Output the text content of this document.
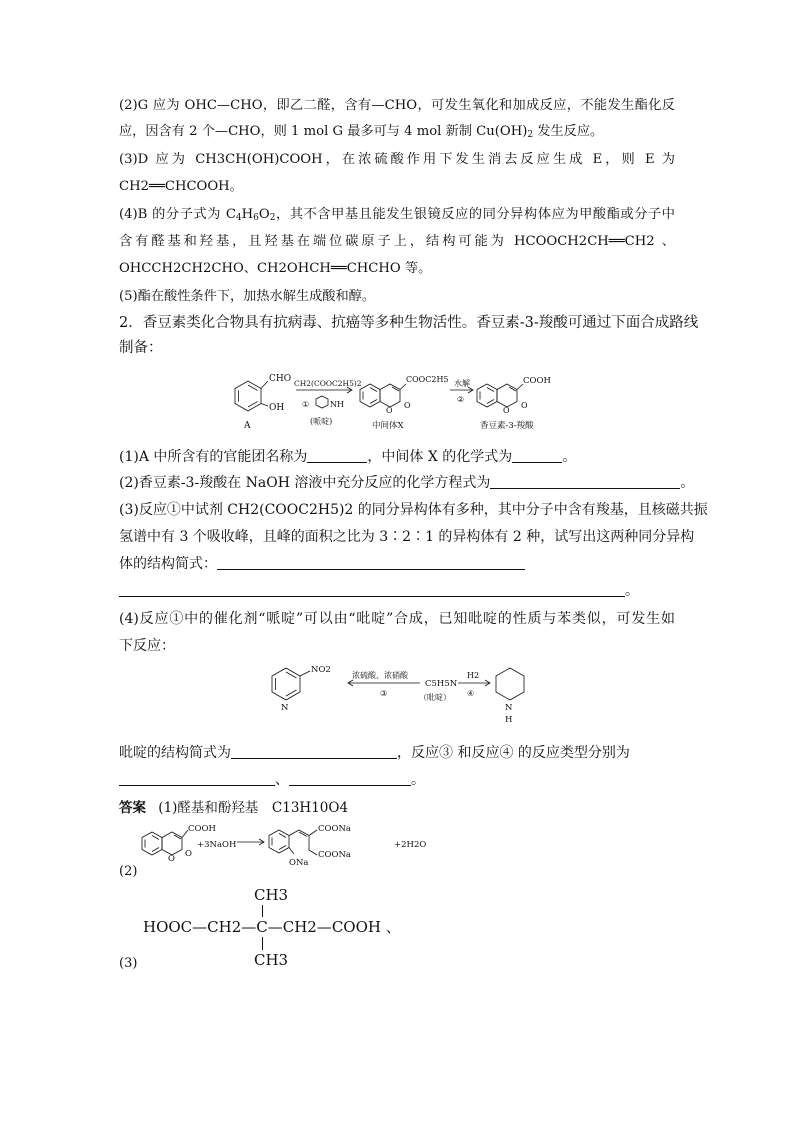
(2)G 应为 OHC—CHO，即乙二醛，含有—CHO，可发生氧化和加成反应，不能发生酯化反
应，因含有 2 个—CHO，则 1 mol G 最多可与 4 mol 新制 $Cu(OH)_2$ 发生反应。
(3)D 应为 CH3CH(OH)COOH，在浓硫酸作用下发生消去反应生成 E，则 E 为
CH2══CHCOOH。
(4)B 的分子式为 $C_4H_6O_2$，其不含甲基且能发生银镜反应的同分异构体应为甲酸酯或分子中
含有醛基和羟基，且羟基在端位碳原子上，结构可能为 HCOOCH2CH══CH2 、
OHCCH2CH2CHO、CH2OHCH══CHCHO 等。
(5)酯在酸性条件下，加热水解生成酸和醇。
2．香豆素类化合物具有抗病毒、抗癌等多种生物活性。香豆素-3-羧酸可通过下面合成路线
制备：
CHO
OH
A
CH2(COOC2H5)2
①	NH
(哌啶)
COOC2H5
O
O
中间体X
水解
②
COOH
O
O
香豆素-3-羧酸
(1)A 中所含有的官能团名称为	，中间体 X 的化学式为	。
(2)香豆素-3-羧酸在 NaOH 溶液中充分反应的化学方程式为	。
(3)反应①中试剂 CH2(COOC2H5)2 的同分异构体有多种，其中分子中含有羧基，且核磁共振
氢谱中有 3 个吸收峰，且峰的面积之比为 3∶2∶1 的异构体有 2 种，试写出这两种同分异构
体的结构简式：
。
(4)反应①中的催化剂“哌啶”可以由“吡啶”合成，已知吡啶的性质与苯类似，可发生如
下反应：
NO2
N
浓硫酸、浓硝酸
③
C5H5N
（吡啶）
H2
④
N
H
吡啶的结构简式为	，反应③ 和反应④ 的反应类型分别为
、	。
答案 (1)醛基和酚羟基　C13H10O4
COOH
O O
+3NaOH
COONa
COONa
ONa
+2H2O
(2)
CH3
HOOC—CH2—C—CH2—COOH 、
CH3
(3)
